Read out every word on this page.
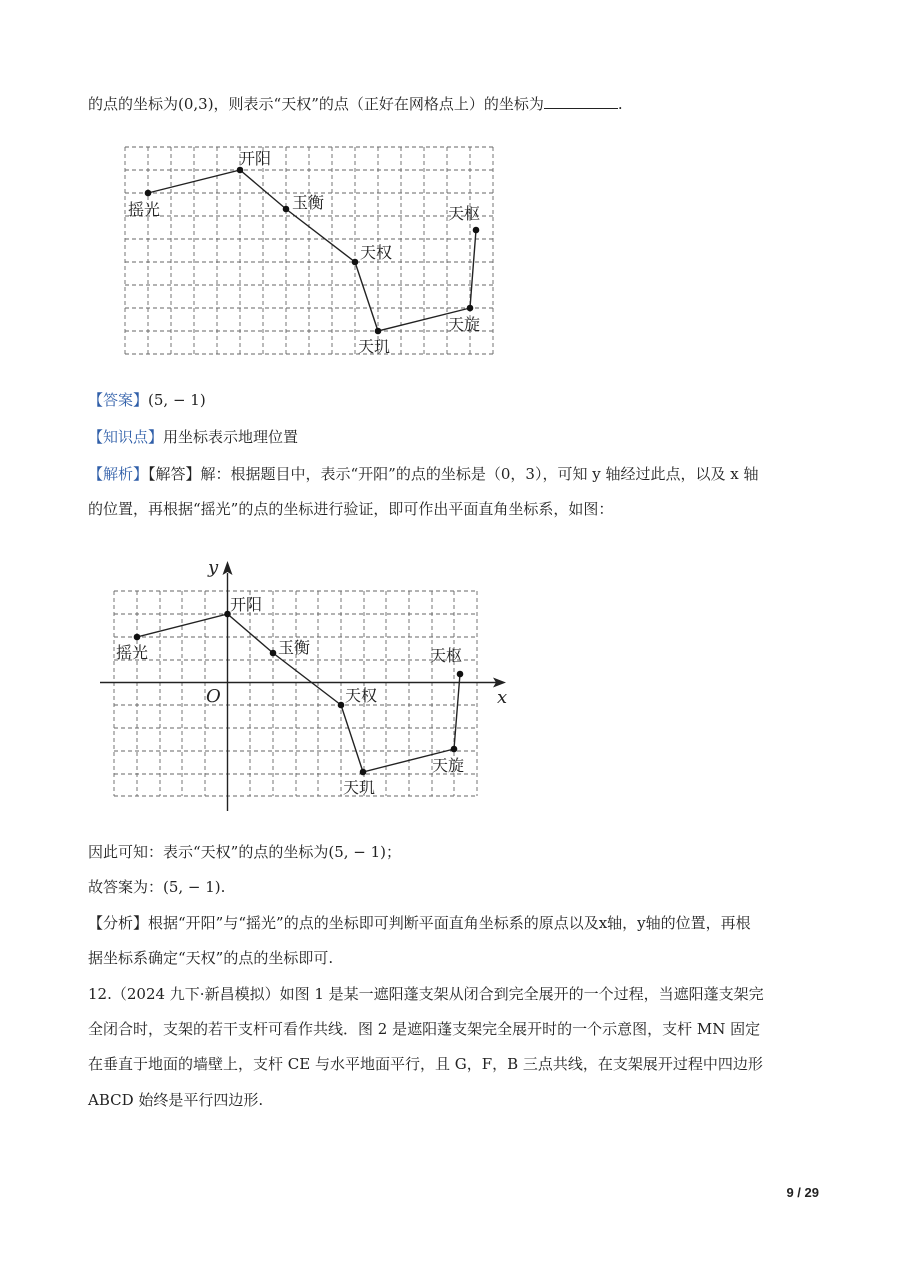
的点的坐标为(0,3)，则表示“天权”的点（正好在网格点上）的坐标为	.
摇光
开阳
玉衡
天权
天玑
天旋
天枢
【答案】(5, − 1)
【知识点】用坐标表示地理位置
【解析】【解答】解：根据题目中，表示“开阳”的点的坐标是（0，3），可知 y 轴经过此点，以及 x 轴
的位置，再根据“摇光”的点的坐标进行验证，即可作出平面直角坐标系，如图：
摇光
开阳
玉衡
天权
天玑
天旋
天枢
y
x
O
因此可知：表示“天权”的点的坐标为(5, − 1)；
故答案为：(5, − 1).
【分析】根据“开阳”与“摇光”的点的坐标即可判断平面直角坐标系的原点以及x轴，y轴的位置，再根
据坐标系确定“天权”的点的坐标即可.
12.（2024 九下·新昌模拟）如图 1 是某一遮阳蓬支架从闭合到完全展开的一个过程，当遮阳蓬支架完
全闭合时，支架的若干支杆可看作共线．图 2 是遮阳蓬支架完全展开时的一个示意图，支杆 MN 固定
在垂直于地面的墙壁上，支杆 CE 与水平地面平行，且 G，F，B 三点共线，在支架展开过程中四边形
ABCD 始终是平行四边形.
9 / 29
